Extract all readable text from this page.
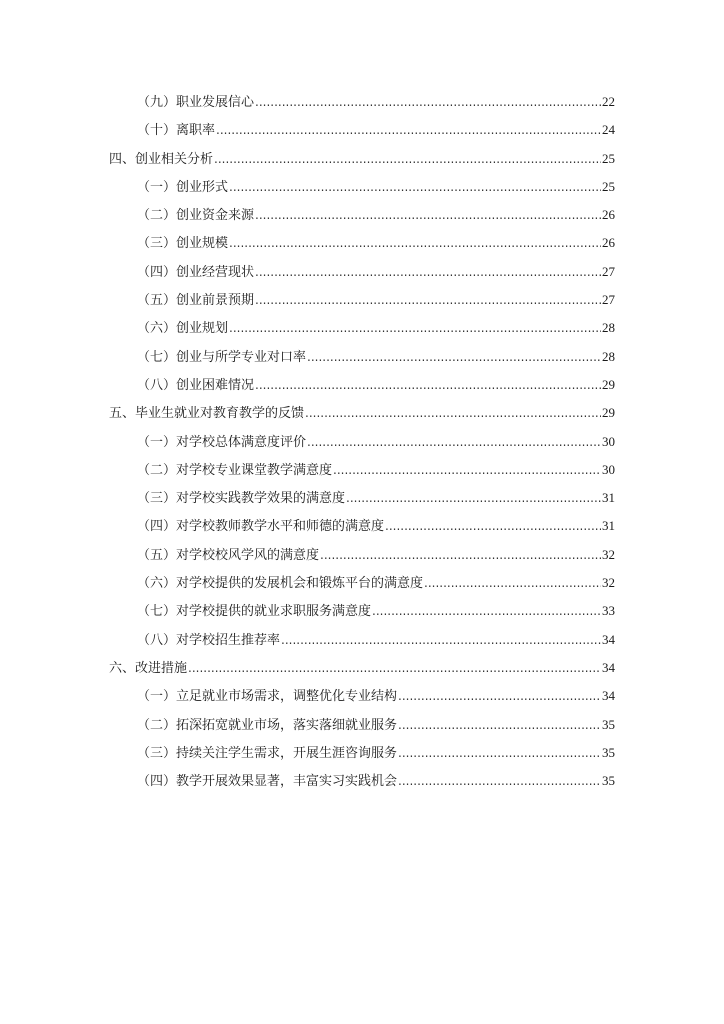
（九）职业发展信心 .....	22
（十）离职率 .....	24
四、创业相关分析 .....	25
（一）创业形式 .....	25
（二）创业资金来源 .....	26
（三）创业规模 .....	26
（四）创业经营现状 .....	27
（五）创业前景预期 .....	27
（六）创业规划 .....	28
（七）创业与所学专业对口率 .....	28
（八）创业困难情况 .....	29
五、毕业生就业对教育教学的反馈 .....	29
（一）对学校总体满意度评价 .....	30
（二）对学校专业课堂教学满意度 .....	30
（三）对学校实践教学效果的满意度 .....	31
（四）对学校教师教学水平和师德的满意度 .....	31
（五）对学校校风学风的满意度 .....	32
（六）对学校提供的发展机会和锻炼平台的满意度 .....	32
（七）对学校提供的就业求职服务满意度 .....	33
（八）对学校招生推荐率 .....	34
六、改进措施 .....	34
（一）立足就业市场需求，调整优化专业结构 .....	34
（二）拓深拓宽就业市场，落实落细就业服务 .....	35
（三）持续关注学生需求，开展生涯咨询服务 .....	35
（四）教学开展效果显著，丰富实习实践机会 .....	35
